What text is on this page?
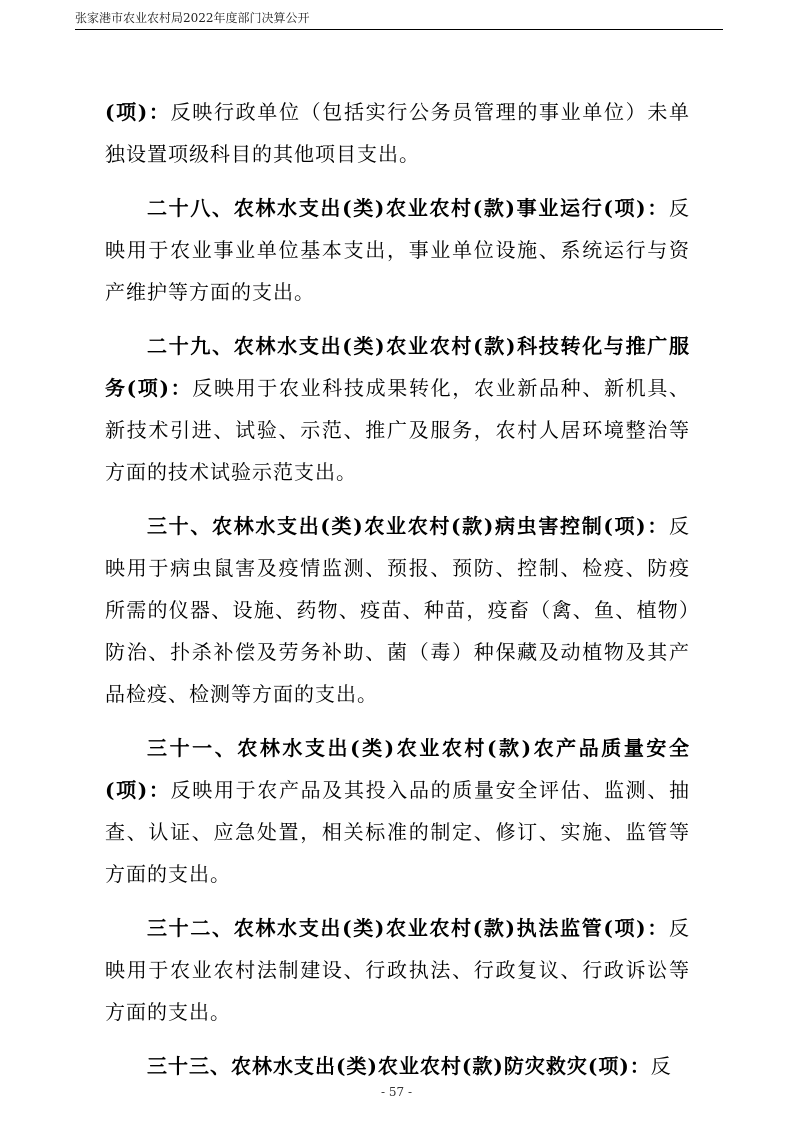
张家港市农业农村局2022年度部门决算公开

(项)：反映行政单位（包括实行公务员管理的事业单位）未单独设置项级科目的其他项目支出。

二十八、农林水支出(类)农业农村(款)事业运行(项)：反映用于农业事业单位基本支出，事业单位设施、系统运行与资产维护等方面的支出。

二十九、农林水支出(类)农业农村(款)科技转化与推广服务(项)：反映用于农业科技成果转化，农业新品种、新机具、新技术引进、试验、示范、推广及服务，农村人居环境整治等方面的技术试验示范支出。

三十、农林水支出(类)农业农村(款)病虫害控制(项)：反映用于病虫鼠害及疫情监测、预报、预防、控制、检疫、防疫所需的仪器、设施、药物、疫苗、种苗，疫畜（禽、鱼、植物）防治、扑杀补偿及劳务补助、菌（毒）种保藏及动植物及其产品检疫、检测等方面的支出。

三十一、农林水支出(类)农业农村(款)农产品质量安全(项)：反映用于农产品及其投入品的质量安全评估、监测、抽查、认证、应急处置，相关标准的制定、修订、实施、监管等方面的支出。

三十二、农林水支出(类)农业农村(款)执法监管(项)：反映用于农业农村法制建设、行政执法、行政复议、行政诉讼等方面的支出。

三十三、农林水支出(类)农业农村(款)防灾救灾(项)：反

- 57 -
